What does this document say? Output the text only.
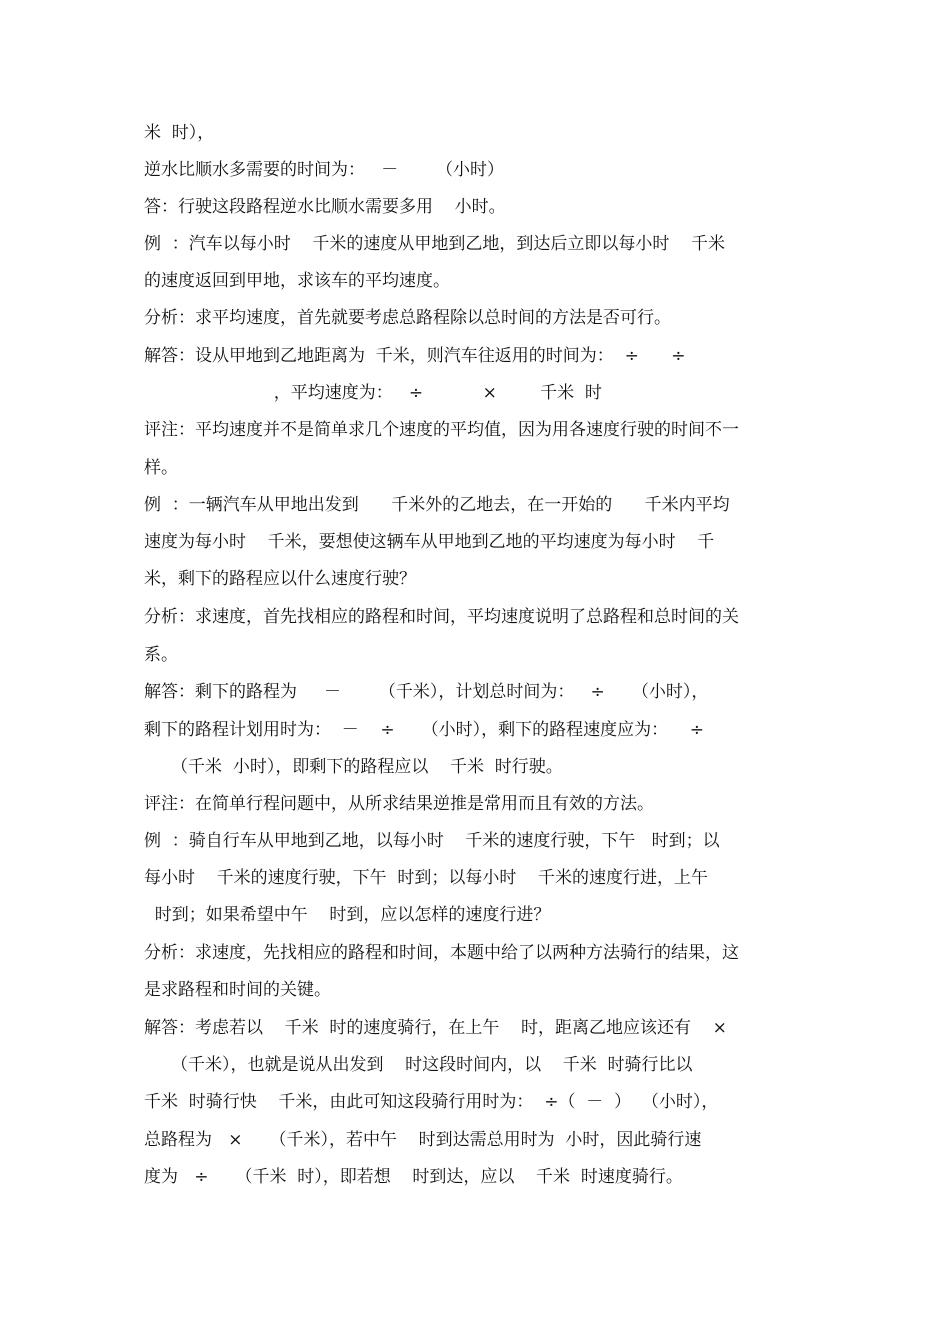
米  时），
逆水比顺水多需要的时间为：   －       （小时）
答：行驶这段路程逆水比顺水需要多用    小时。
例  ：汽车以每小时    千米的速度从甲地到乙地，到达后立即以每小时    千米
的速度返回到甲地，求该车的平均速度。
分析：求平均速度，首先就要考虑总路程除以总时间的方法是否可行。
解答：设从甲地到乙地距离为  千米，则汽车往返用的时间为：  ÷      ÷
，平均速度为：   ÷           ×        千米  时
评注：平均速度并不是简单求几个速度的平均值，因为用各速度行驶的时间不一
样。
例  ：一辆汽车从甲地出发到      千米外的乙地去，在一开始的      千米内平均
速度为每小时    千米，要想使这辆车从甲地到乙地的平均速度为每小时    千
米，剩下的路程应以什么速度行驶？
分析：求速度，首先找相应的路程和时间，平均速度说明了总路程和总时间的关
系。
解答：剩下的路程为     －       （千米），计划总时间为：   ÷     （小时），
剩下的路程计划用时为：  －    ÷     （小时），剩下的路程速度应为：    ÷
（千米  小时），即剩下的路程应以    千米  时行驶。
评注：在简单行程问题中，从所求结果逆推是常用而且有效的方法。
例  ：骑自行车从甲地到乙地，以每小时    千米的速度行驶，下午   时到；以
每小时    千米的速度行驶，下午  时到；以每小时    千米的速度行进，上午
时到；如果希望中午    时到，应以怎样的速度行进？
分析：求速度，先找相应的路程和时间，本题中给了以两种方法骑行的结果，这
是求路程和时间的关键。
解答：考虑若以    千米  时的速度骑行，在上午    时，距离乙地应该还有    ×
（千米），也就是说从出发到    时这段时间内，以    千米  时骑行比以
千米  时骑行快    千米，由此可知这段骑行用时为：  ÷（  －  ）  （小时），
总路程为   ×     （千米），若中午    时到达需总用时为  小时，因此骑行速
度为   ÷     （千米  时），即若想    时到达，应以    千米  时速度骑行。
